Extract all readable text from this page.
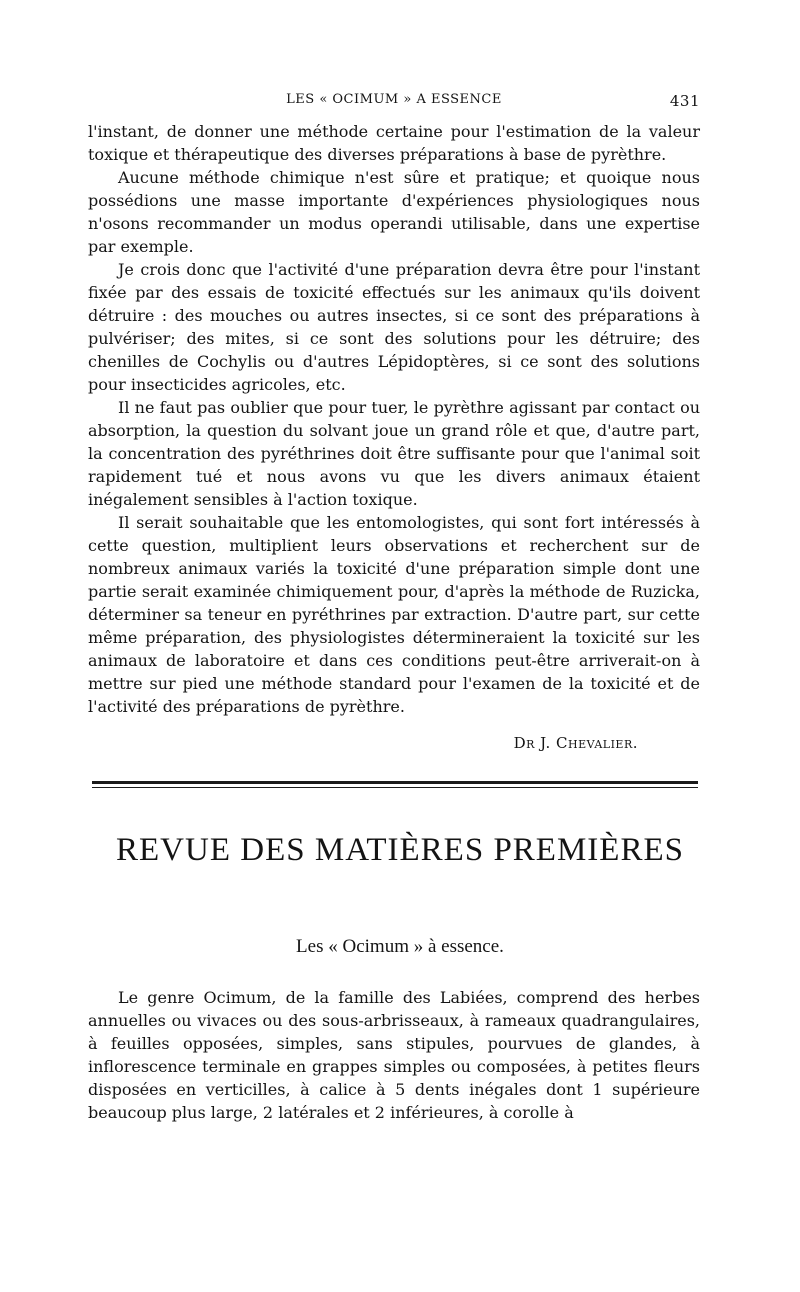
LES « OCIMUM » A ESSENCE	431

l'instant, de donner une méthode certaine pour l'estimation de la valeur toxique et thérapeutique des diverses préparations à base de pyrèthre.

Aucune méthode chimique n'est sûre et pratique; et quoique nous possédions une masse importante d'expériences physiologiques nous n'osons recommander un modus operandi utilisable, dans une expertise par exemple.

Je crois donc que l'activité d'une préparation devra être pour l'instant fixée par des essais de toxicité effectués sur les animaux qu'ils doivent détruire : des mouches ou autres insectes, si ce sont des préparations à pulvériser; des mites, si ce sont des solutions pour les détruire; des chenilles de Cochylis ou d'autres Lépidoptères, si ce sont des solutions pour insecticides agricoles, etc.

Il ne faut pas oublier que pour tuer, le pyrèthre agissant par contact ou absorption, la question du solvant joue un grand rôle et que, d'autre part, la concentration des pyréthrines doit être suffisante pour que l'animal soit rapidement tué et nous avons vu que les divers animaux étaient inégalement sensibles à l'action toxique.

Il serait souhaitable que les entomologistes, qui sont fort intéressés à cette question, multiplient leurs observations et recherchent sur de nombreux animaux variés la toxicité d'une préparation simple dont une partie serait examinée chimiquement pour, d'après la méthode de Ruzicka, déterminer sa teneur en pyréthrines par extraction. D'autre part, sur cette même préparation, des physiologistes détermineraient la toxicité sur les animaux de laboratoire et dans ces conditions peut-être arriverait-on à mettre sur pied une méthode standard pour l'examen de la toxicité et de l'activité des préparations de pyrèthre.

Dr J. Chevalier.
REVUE DES MATIÈRES PREMIÈRES
Les « Ocimum » à essence.

Le genre Ocimum, de la famille des Labiées, comprend des herbes annuelles ou vivaces ou des sous-arbrisseaux, à rameaux quadrangulaires, à feuilles opposées, simples, sans stipules, pourvues de glandes, à inflorescence terminale en grappes simples ou composées, à petites fleurs disposées en verticilles, à calice à 5 dents inégales dont 1 supérieure beaucoup plus large, 2 latérales et 2 inférieures, à corolle à
